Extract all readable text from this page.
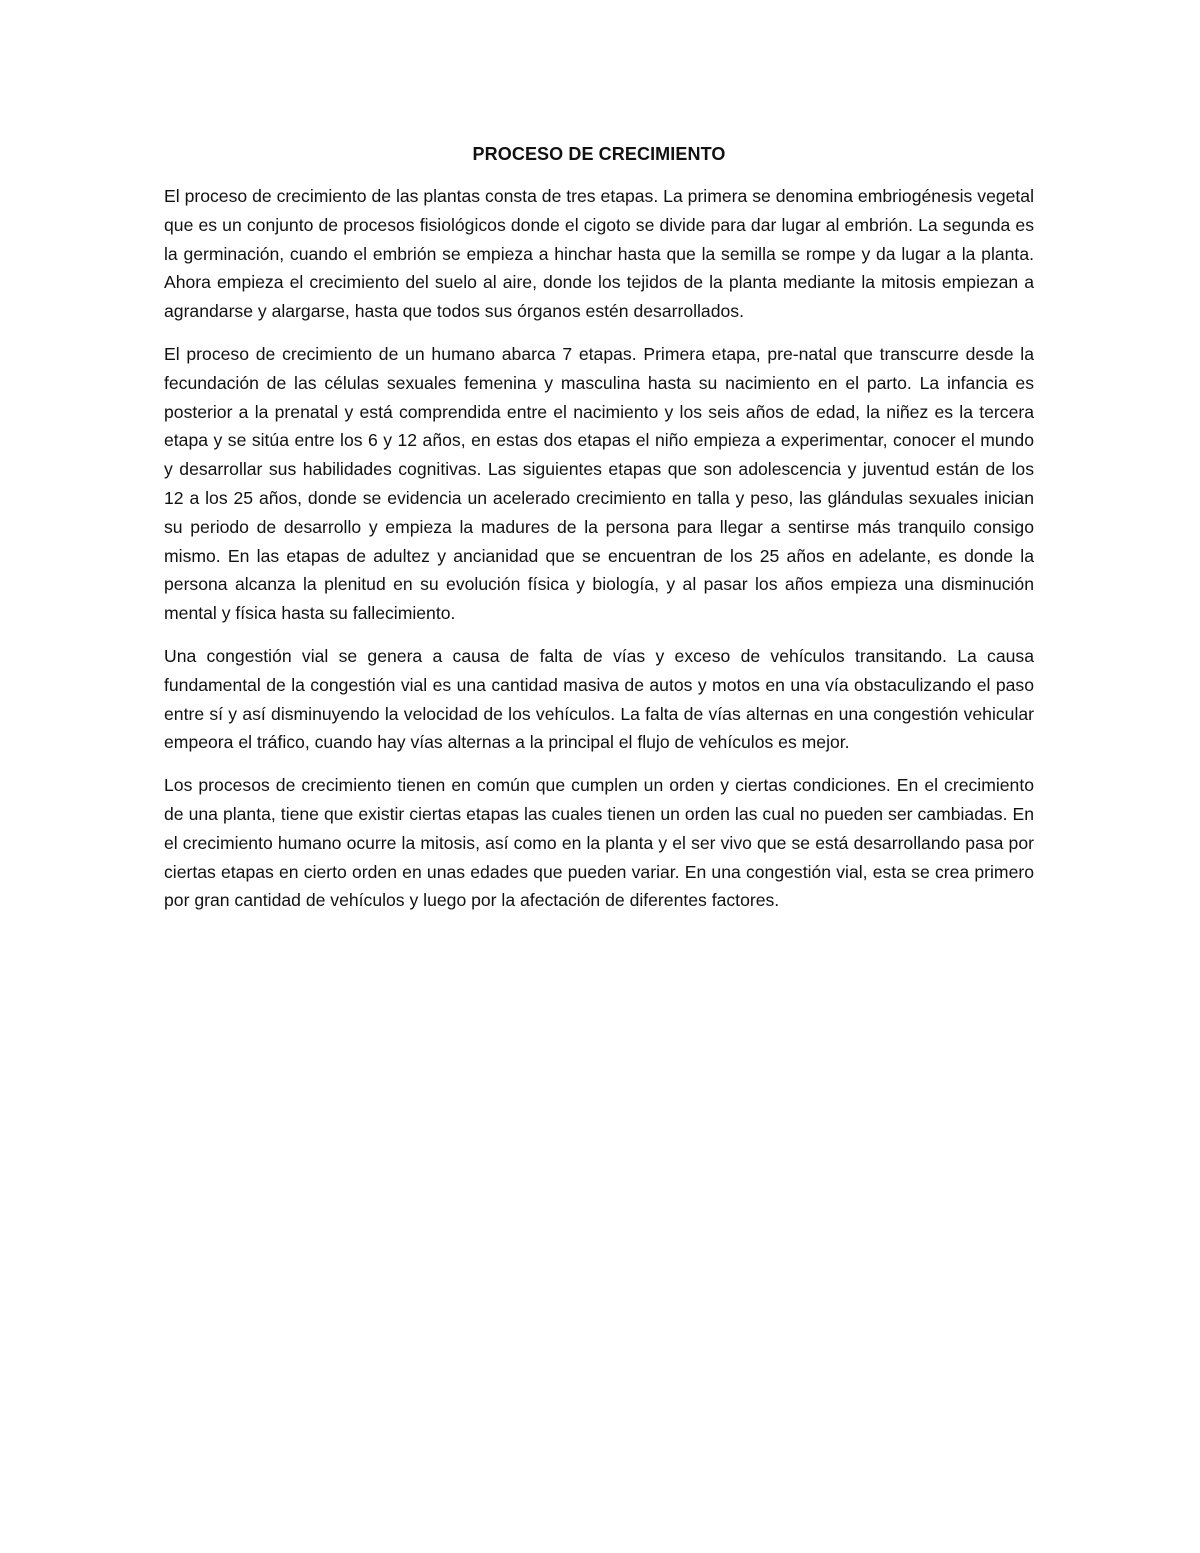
PROCESO DE CRECIMIENTO

El proceso de crecimiento de las plantas consta de tres etapas. La primera se denomina embriogénesis vegetal que es un conjunto de procesos fisiológicos donde el cigoto se divide para dar lugar al embrión. La segunda es la germinación, cuando el embrión se empieza a hinchar hasta que la semilla se rompe y da lugar a la planta. Ahora empieza el crecimiento del suelo al aire, donde los tejidos de la planta mediante la mitosis empiezan a agrandarse y alargarse, hasta que todos sus órganos estén desarrollados.

El proceso de crecimiento de un humano abarca 7 etapas. Primera etapa, pre-natal que transcurre desde la fecundación de las células sexuales femenina y masculina hasta su nacimiento en el parto. La infancia es posterior a la prenatal y está comprendida entre el nacimiento y los seis años de edad, la niñez es la tercera etapa y se sitúa entre los 6 y 12 años, en estas dos etapas el niño empieza a experimentar, conocer el mundo y desarrollar sus habilidades cognitivas. Las siguientes etapas que son adolescencia y juventud están de los 12 a los 25 años, donde se evidencia un acelerado crecimiento en talla y peso, las glándulas sexuales inician su periodo de desarrollo y empieza la madures de la persona para llegar a sentirse más tranquilo consigo mismo. En las etapas de adultez y ancianidad que se encuentran de los 25 años en adelante, es donde la persona alcanza la plenitud en su evolución física y biología, y al pasar los años empieza una disminución mental y física hasta su fallecimiento.

Una congestión vial se genera a causa de falta de vías y exceso de vehículos transitando. La causa fundamental de la congestión vial es una cantidad masiva de autos y motos en una vía obstaculizando el paso entre sí y así disminuyendo la velocidad de los vehículos. La falta de vías alternas en una congestión vehicular empeora el tráfico, cuando hay vías alternas a la principal el flujo de vehículos es mejor.

Los procesos de crecimiento tienen en común que cumplen un orden y ciertas condiciones. En el crecimiento de una planta, tiene que existir ciertas etapas las cuales tienen un orden las cual no pueden ser cambiadas. En el crecimiento humano ocurre la mitosis, así como en la planta y el ser vivo que se está desarrollando pasa por ciertas etapas en cierto orden en unas edades que pueden variar. En una congestión vial, esta se crea primero por gran cantidad de vehículos y luego por la afectación de diferentes factores.
